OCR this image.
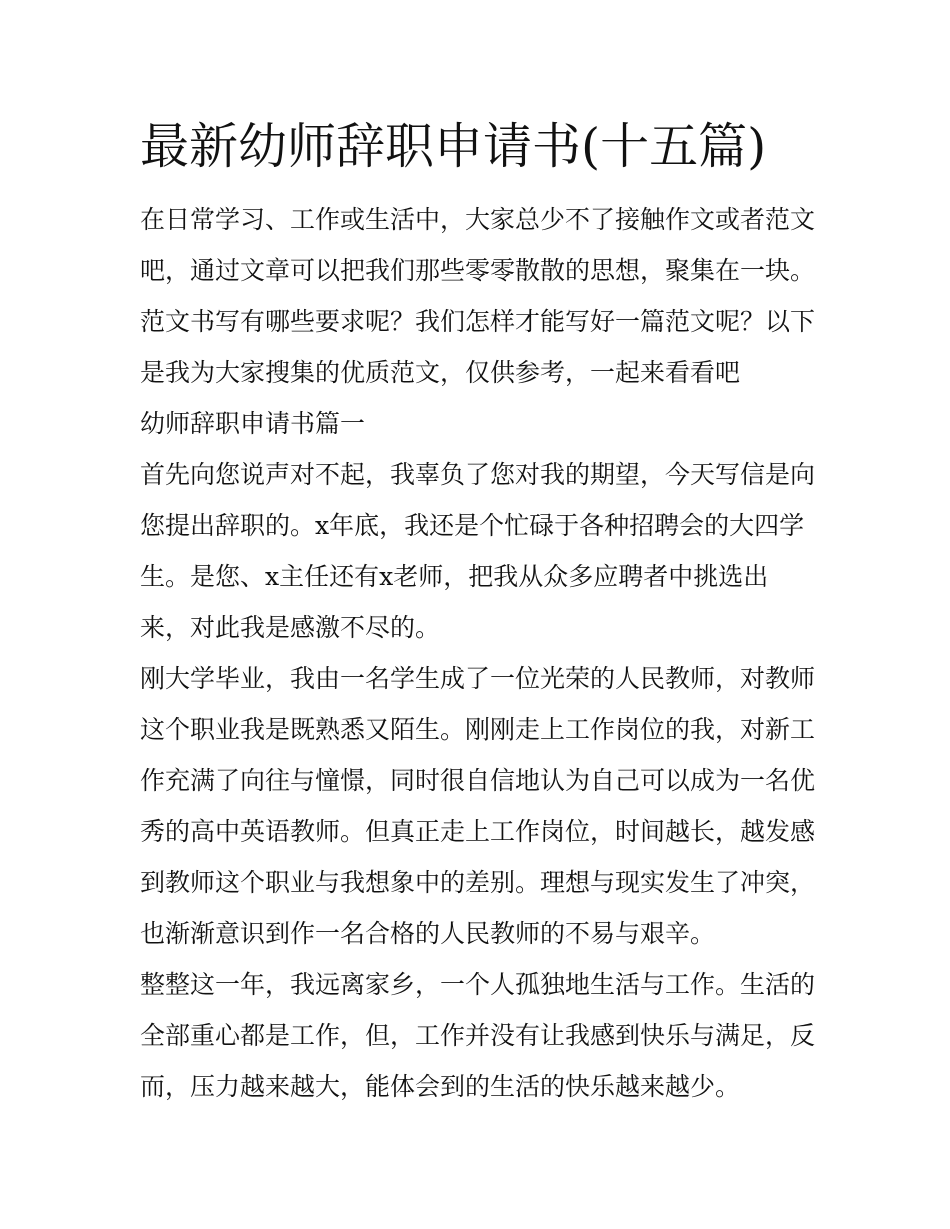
最新幼师辞职申请书(十五篇)
在日常学习、工作或生活中，大家总少不了接触作文或者范文
吧，通过文章可以把我们那些零零散散的思想，聚集在一块。
范文书写有哪些要求呢？我们怎样才能写好一篇范文呢？以下
是我为大家搜集的优质范文，仅供参考，一起来看看吧
幼师辞职申请书篇一
首先向您说声对不起，我辜负了您对我的期望，今天写信是向
您提出辞职的。x年底，我还是个忙碌于各种招聘会的大四学
生。是您、x主任还有x老师，把我从众多应聘者中挑选出
来，对此我是感激不尽的。
刚大学毕业，我由一名学生成了一位光荣的人民教师，对教师
这个职业我是既熟悉又陌生。刚刚走上工作岗位的我，对新工
作充满了向往与憧憬，同时很自信地认为自己可以成为一名优
秀的高中英语教师。但真正走上工作岗位，时间越长，越发感
到教师这个职业与我想象中的差别。理想与现实发生了冲突，
也渐渐意识到作一名合格的人民教师的不易与艰辛。
整整这一年，我远离家乡，一个人孤独地生活与工作。生活的
全部重心都是工作，但，工作并没有让我感到快乐与满足，反
而，压力越来越大，能体会到的生活的快乐越来越少。
